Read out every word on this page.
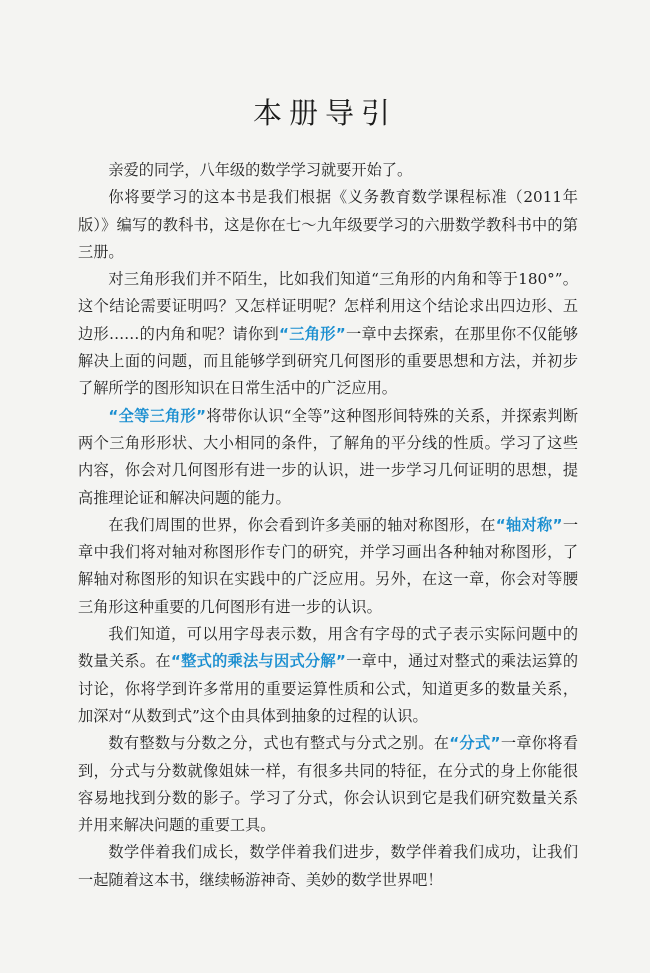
本册导引

亲爱的同学，八年级的数学学习就要开始了。

你将要学习的这本书是我们根据《义务教育数学课程标准（2011年版）》编写的教科书，这是你在七～九年级要学习的六册数学教科书中的第三册。

对三角形我们并不陌生，比如我们知道“三角形的内角和等于180°”。这个结论需要证明吗？又怎样证明呢？怎样利用这个结论求出四边形、五边形……的内角和呢？请你到“三角形”一章中去探索，在那里你不仅能够解决上面的问题，而且能够学到研究几何图形的重要思想和方法，并初步了解所学的图形知识在日常生活中的广泛应用。

“全等三角形”将带你认识“全等”这种图形间特殊的关系，并探索判断两个三角形形状、大小相同的条件，了解角的平分线的性质。学习了这些内容，你会对几何图形有进一步的认识，进一步学习几何证明的思想，提高推理论证和解决问题的能力。

在我们周围的世界，你会看到许多美丽的轴对称图形，在“轴对称”一章中我们将对轴对称图形作专门的研究，并学习画出各种轴对称图形，了解轴对称图形的知识在实践中的广泛应用。另外，在这一章，你会对等腰三角形这种重要的几何图形有进一步的认识。

我们知道，可以用字母表示数，用含有字母的式子表示实际问题中的数量关系。在“整式的乘法与因式分解”一章中，通过对整式的乘法运算的讨论，你将学到许多常用的重要运算性质和公式，知道更多的数量关系，加深对“从数到式”这个由具体到抽象的过程的认识。

数有整数与分数之分，式也有整式与分式之别。在“分式”一章你将看到，分式与分数就像姐妹一样，有很多共同的特征，在分式的身上你能很容易地找到分数的影子。学习了分式，你会认识到它是我们研究数量关系并用来解决问题的重要工具。

数学伴着我们成长，数学伴着我们进步，数学伴着我们成功，让我们一起随着这本书，继续畅游神奇、美妙的数学世界吧！
